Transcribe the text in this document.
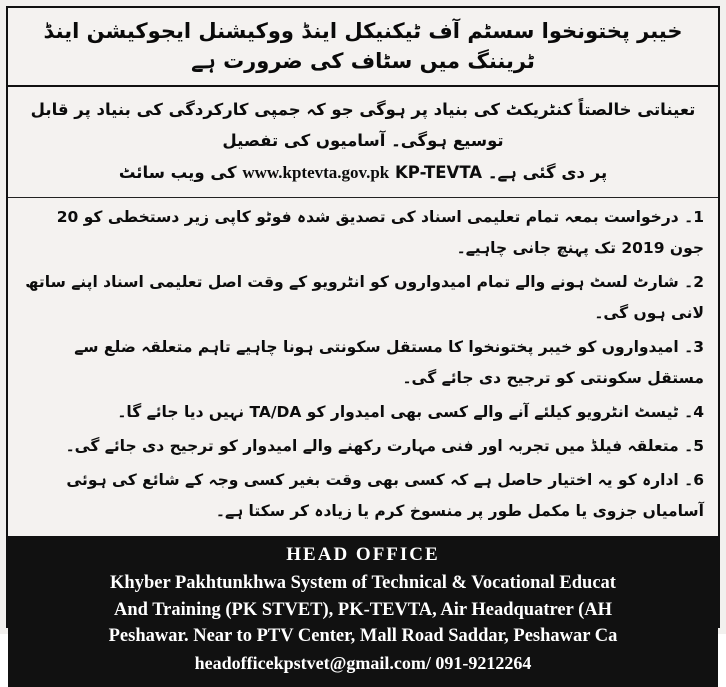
خیبر پختونخوا سسٹم آف ٹیکنیکل اینڈ ووکیشنل ایجوکیشن اینڈ ٹریننگ میں سٹاف کی ضرورت ہے
تعیناتی خالصتاً کنٹریکٹ کی بنیاد پر ہوگی جو کہ جمپی کارکردگی کی بنیاد پر قابل توسیع ہوگی۔ آسامیوں کی تفصیل
پر دی گئی ہے۔ www.kptevta.gov.pk KP-TEVTA کی ویب سائٹ
1۔ درخواست بمعہ تمام تعلیمی اسناد کی تصدیق شدہ فوٹو کاپی زیر دستخطی کو 20 جون 2019 تک پہنچ جانی چاہیے۔
2۔ شارٹ لسٹ ہونے والے تمام امیدواروں کو انٹرویو کے وقت اصل تعلیمی اسناد اپنے ساتھ لانی ہوں گی۔
3۔ امیدواروں کو خیبر پختونخوا کا مستقل سکونتی ہونا چاہیے تاہم متعلقہ ضلع سے مستقل سکونتی کو ترجیح دی جائے گی۔
4۔ ٹیسٹ انٹرویو کیلئے آنے والے کسی بھی امیدوار کو TA/DA نہیں دیا جائے گا۔
5۔ متعلقہ فیلڈ میں تجربہ اور فنی مہارت رکھنے والے امیدوار کو ترجیح دی جائے گی۔
6۔ ادارہ کو یہ اختیار حاصل ہے کہ کسی بھی وقت بغیر کسی وجہ کے شائع کی ہوئی آسامیاں جزوی یا مکمل طور پر منسوخ کرم یا زیادہ کر سکتا ہے۔
HEAD OFFICE
Khyber Pakhtunkhwa System of Technical & Vocational Educat
And Training (PK STVET), PK-TEVTA, Air Headquatrer (AH
Peshawar. Near to PTV Center, Mall Road Saddar, Peshawar Ca
headofficekpstvet@gmail.com/ 091-9212264
